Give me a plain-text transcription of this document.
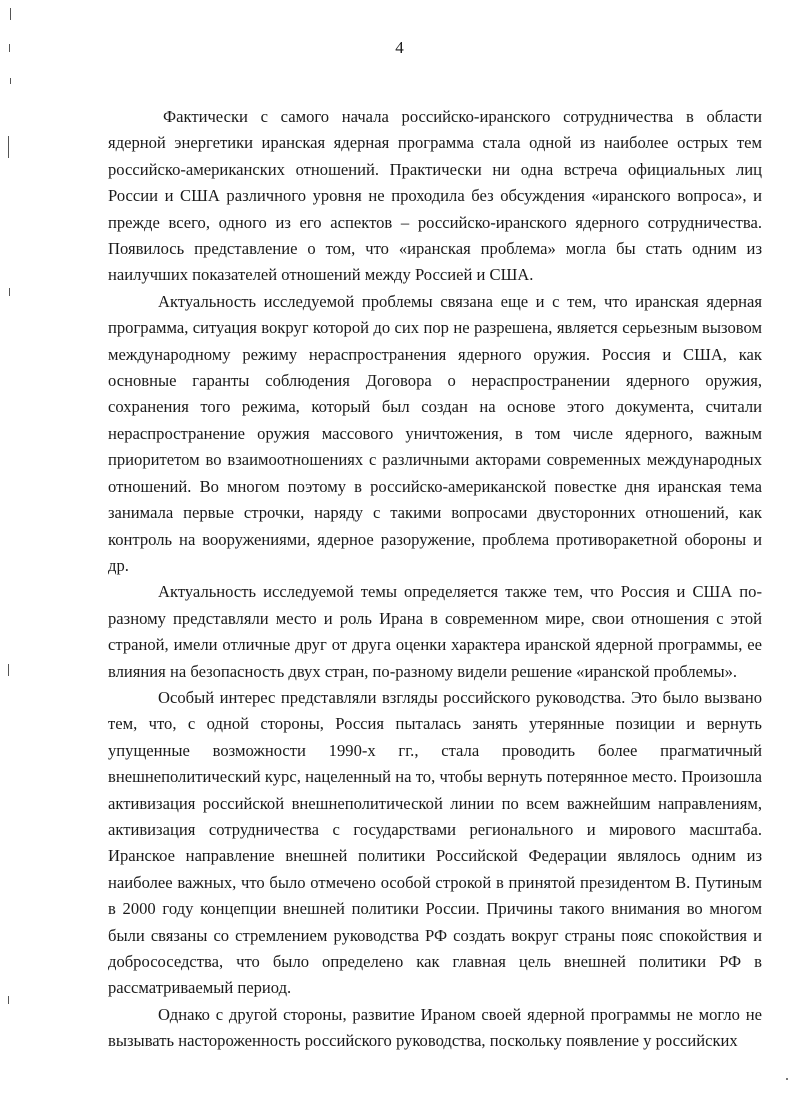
4

Фактически с самого начала российско-иранского сотрудничества в области ядерной энергетики иранская ядерная программа стала одной из наиболее острых тем российско-американских отношений. Практически ни одна встреча официальных лиц России и США различного уровня не проходила без обсуждения «иранского вопроса», и прежде всего, одного из его аспектов – российско-иранского ядерного сотрудничества. Появилось представление о том, что «иранская проблема» могла бы стать одним из наилучших показателей отношений между Россией и США.

Актуальность исследуемой проблемы связана еще и с тем, что иранская ядерная программа, ситуация вокруг которой до сих пор не разрешена, является серьезным вызовом международному режиму нераспространения ядерного оружия. Россия и США, как основные гаранты соблюдения Договора о нераспространении ядерного оружия, сохранения того режима, который был создан на основе этого документа, считали нераспространение оружия массового уничтожения, в том числе ядерного, важным приоритетом во взаимоотношениях с различными акторами современных международных отношений. Во многом поэтому в российско-американской повестке дня иранская тема занимала первые строчки, наряду с такими вопросами двусторонних отношений, как контроль на вооружениями, ядерное разоружение, проблема противоракетной обороны и др.

Актуальность исследуемой темы определяется также тем, что Россия и США по-разному представляли место и роль Ирана в современном мире, свои отношения с этой страной, имели отличные друг от друга оценки характера иранской ядерной программы, ее влияния на безопасность двух стран, по-разному видели решение «иранской проблемы».

Особый интерес представляли взгляды российского руководства. Это было вызвано тем, что, с одной стороны, Россия пыталась занять утерянные позиции и вернуть упущенные возможности 1990-х гг., стала проводить более прагматичный внешнеполитический курс, нацеленный на то, чтобы вернуть потерянное место. Произошла активизация российской внешнеполитической линии по всем важнейшим направлениям, активизация сотрудничества с государствами регионального и мирового масштаба. Иранское направление внешней политики Российской Федерации являлось одним из наиболее важных, что было отмечено особой строкой в принятой президентом В. Путиным в 2000 году концепции внешней политики России. Причины такого внимания во многом были связаны со стремлением руководства РФ создать вокруг страны пояс спокойствия и добрососедства, что было определено как главная цель внешней политики РФ в рассматриваемый период.

Однако с другой стороны, развитие Ираном своей ядерной программы не могло не вызывать настороженность российского руководства, поскольку появление у российских
